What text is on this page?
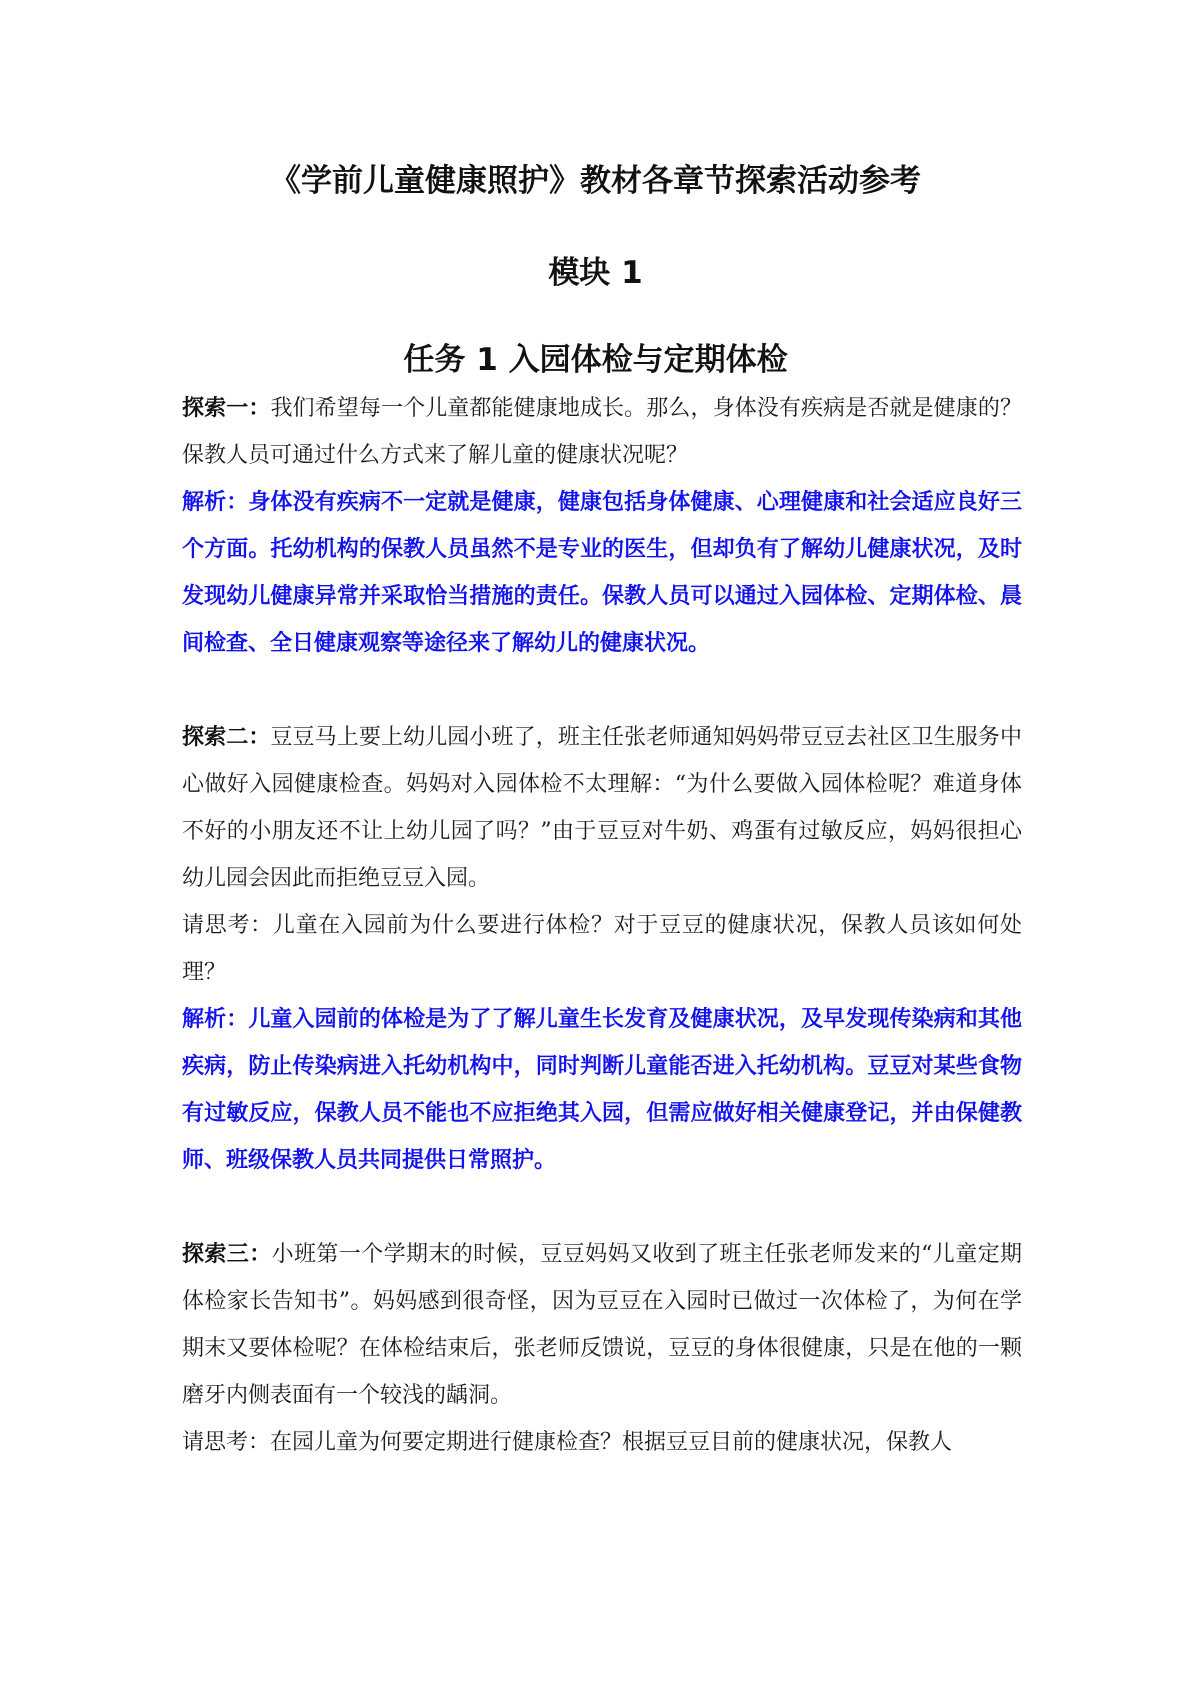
《学前儿童健康照护》教材各章节探索活动参考
模块 1
任务 1 入园体检与定期体检

探索一：我们希望每一个儿童都能健康地成长。那么，身体没有疾病是否就是健康的？保教人员可通过什么方式来了解儿童的健康状况呢？

解析：身体没有疾病不一定就是健康，健康包括身体健康、心理健康和社会适应良好三个方面。托幼机构的保教人员虽然不是专业的医生，但却负有了解幼儿健康状况，及时发现幼儿健康异常并采取恰当措施的责任。保教人员可以通过入园体检、定期体检、晨间检查、全日健康观察等途径来了解幼儿的健康状况。

探索二：豆豆马上要上幼儿园小班了，班主任张老师通知妈妈带豆豆去社区卫生服务中心做好入园健康检查。妈妈对入园体检不太理解：“为什么要做入园体检呢？难道身体不好的小朋友还不让上幼儿园了吗？”由于豆豆对牛奶、鸡蛋有过敏反应，妈妈很担心幼儿园会因此而拒绝豆豆入园。

请思考：儿童在入园前为什么要进行体检？对于豆豆的健康状况，保教人员该如何处理？

解析：儿童入园前的体检是为了了解儿童生长发育及健康状况，及早发现传染病和其他疾病，防止传染病进入托幼机构中，同时判断儿童能否进入托幼机构。豆豆对某些食物有过敏反应，保教人员不能也不应拒绝其入园，但需应做好相关健康登记，并由保健教师、班级保教人员共同提供日常照护。

探索三：小班第一个学期末的时候，豆豆妈妈又收到了班主任张老师发来的“儿童定期体检家长告知书”。妈妈感到很奇怪，因为豆豆在入园时已做过一次体检了，为何在学期末又要体检呢？在体检结束后，张老师反馈说，豆豆的身体很健康，只是在他的一颗磨牙内侧表面有一个较浅的龋洞。

请思考：在园儿童为何要定期进行健康检查？根据豆豆目前的健康状况，保教人
